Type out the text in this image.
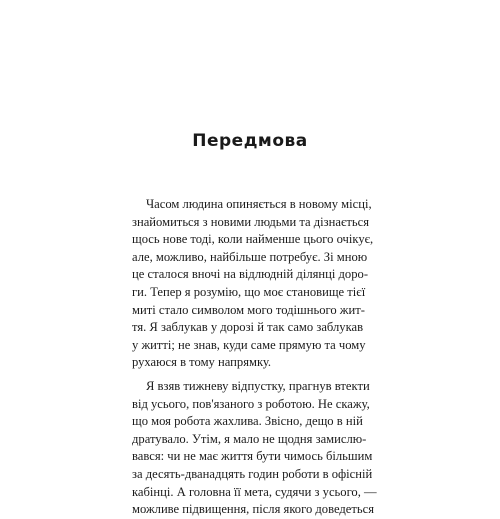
Передмова

Часом людина опиняється в новому місці,
знайомиться з новими людьми та дізнається
щось нове тоді, коли найменше цього очікує,
але, можливо, найбільше потребує. Зі мною
це сталося вночі на відлюдній ділянці доро-
ги. Тепер я розумію, що моє становище тієї
миті стало символом мого тодішнього жит-
тя. Я заблукав у дорозі й так само заблукав
у житті; не знав, куди саме прямую та чому
рухаюся в тому напрямку.

Я взяв тижневу відпустку, прагнув втекти
від усього, пов'язаного з роботою. Не скажу,
що моя робота жахлива. Звісно, дещо в ній
дратувало. Утім, я мало не щодня замислю-
вався: чи не має життя бути чимось більшим
за десять-дванадцять годин роботи в офісній
кабінці. А головна її мета, судячи з усього, —
можливе підвищення, після якого доведеться
